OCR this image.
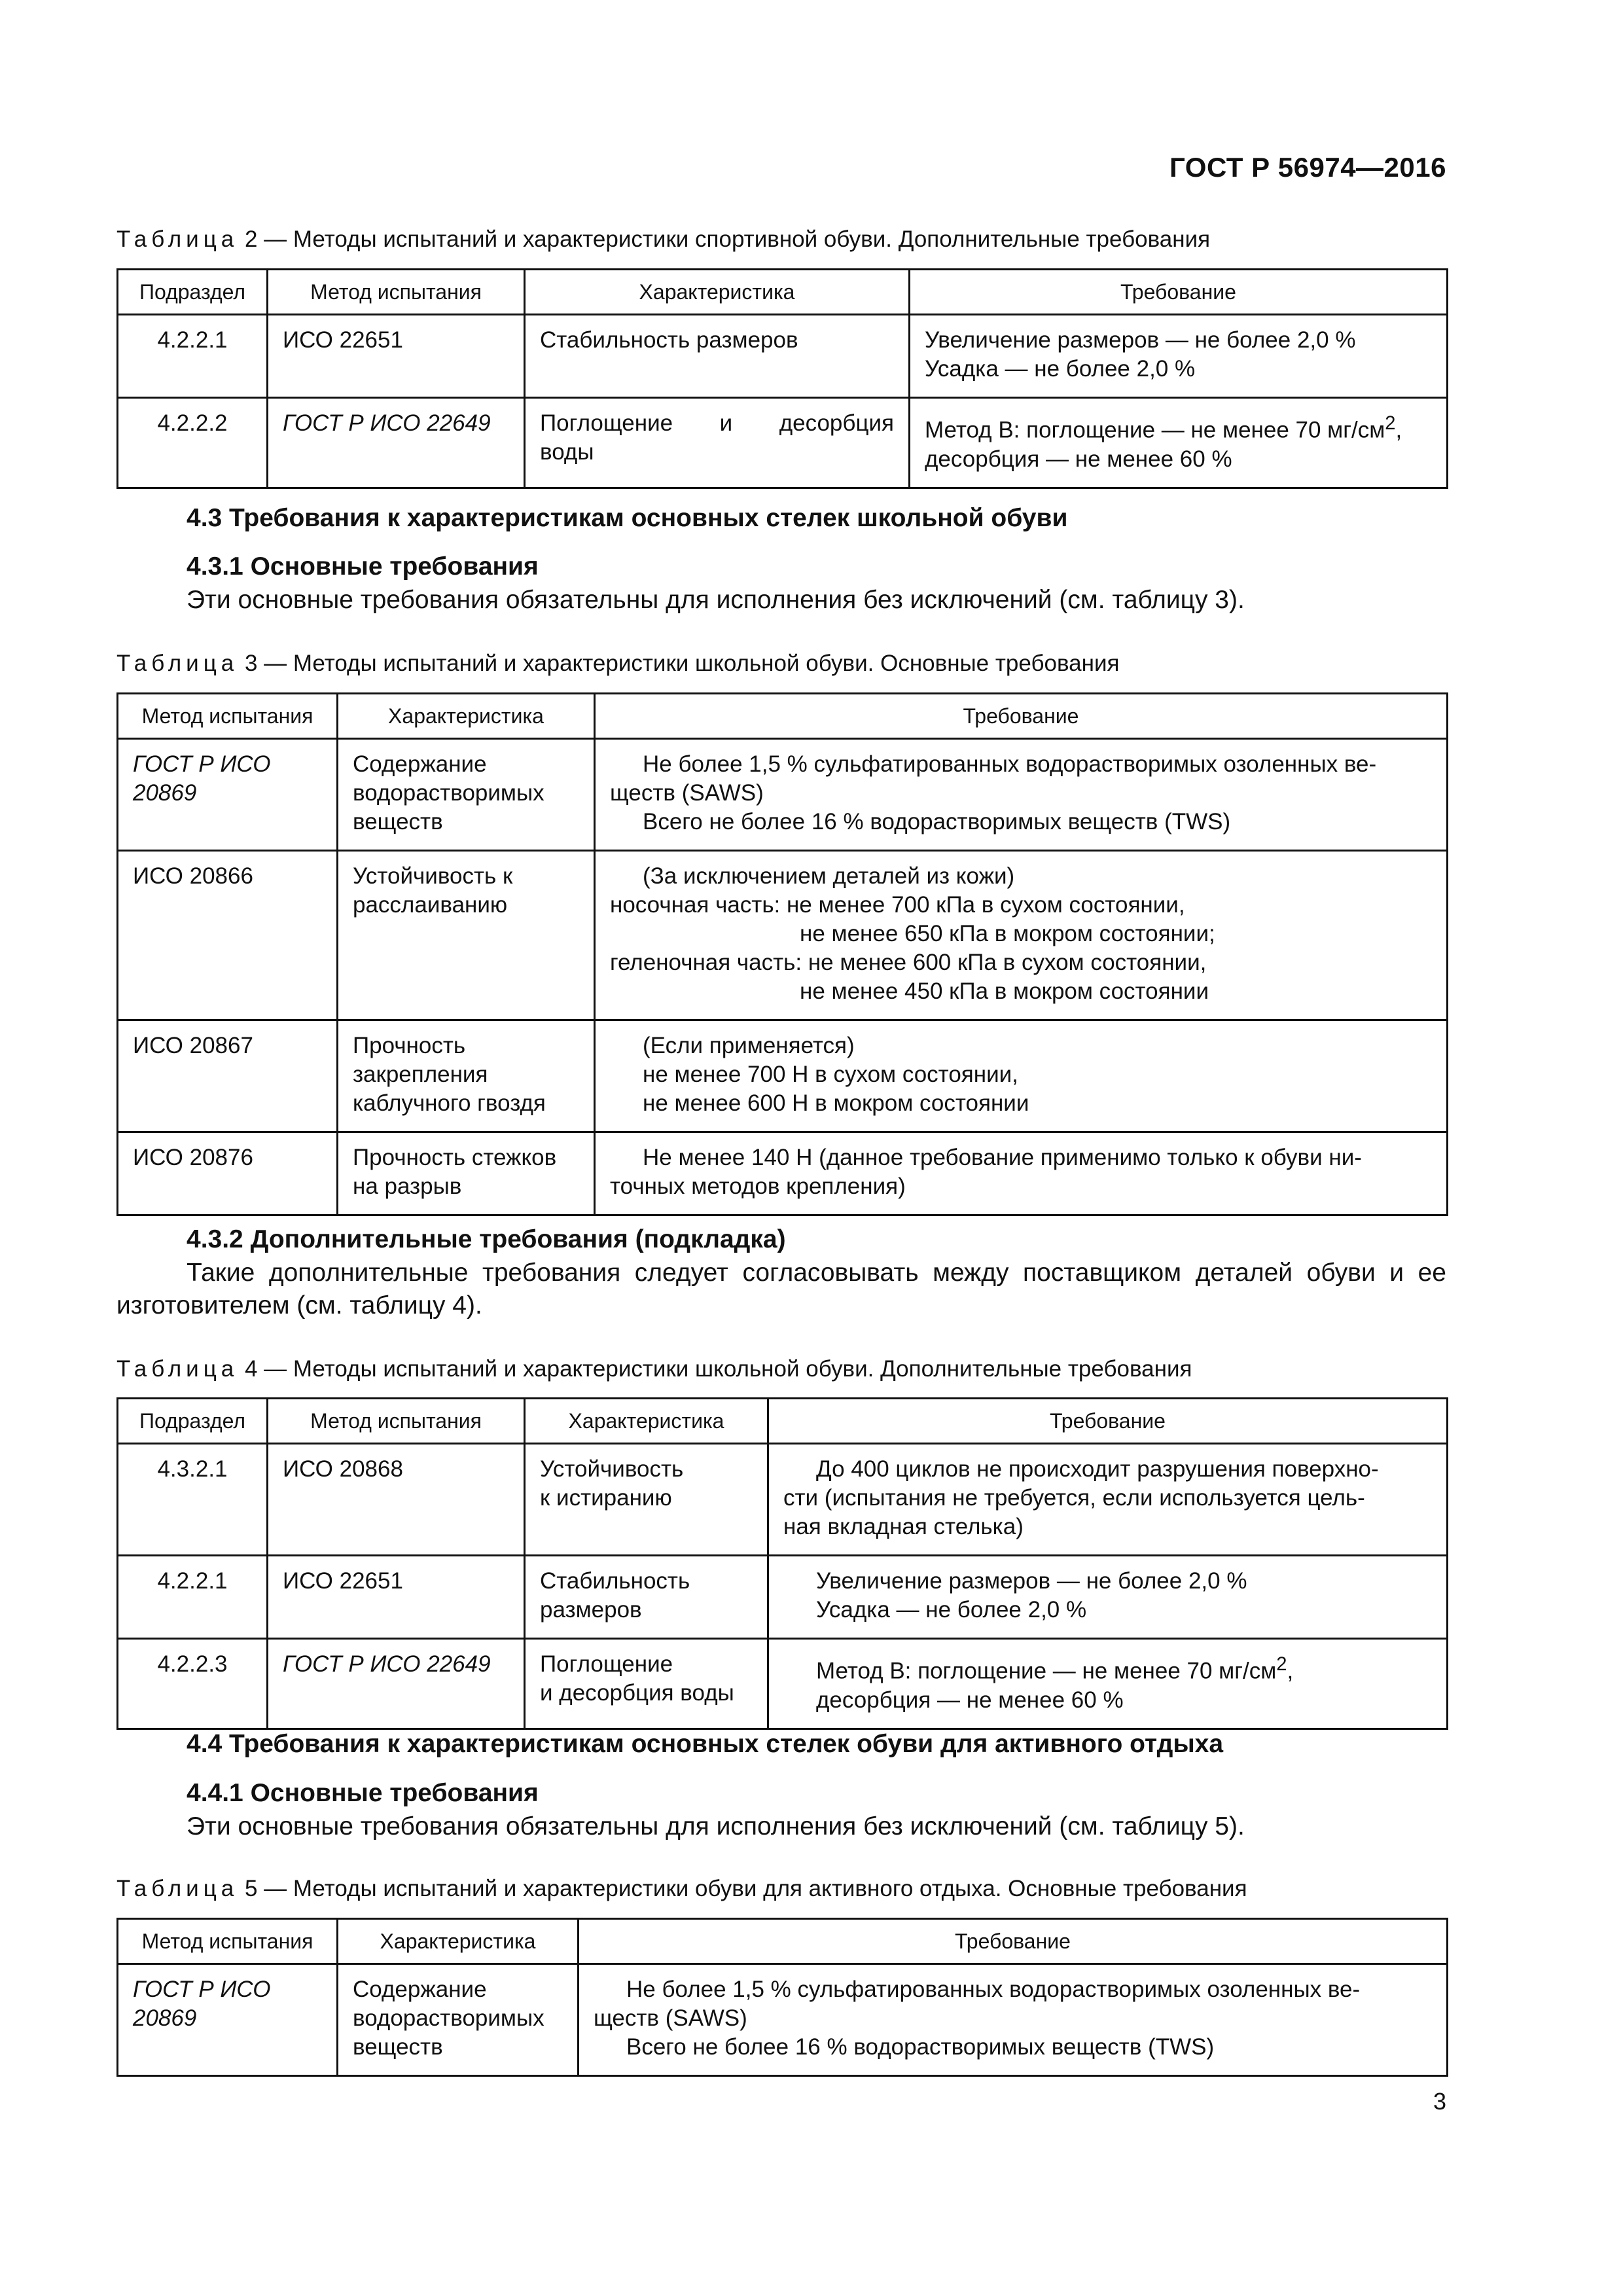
ГОСТ Р 56974—2016
Таблица 2 — Методы испытаний и характеристики спортивной обуви. Дополнительные требования
Подраздел	Метод испытания	Характеристика	Требование
4.2.2.1	ИСО 22651	Стабильность размеров	Увеличение размеров — не более 2,0 %
Усадка — не более 2,0 %

4.2.2.2	ГОСТ Р ИСО 22649	Поглощение и десорбция
воды	Метод В: поглощение — не менее 70 $мг/см^2$,
десорбция — не менее 60 %
4.3 Требования к характеристикам основных стелек школьной обуви
4.3.1 Основные требования
Эти основные требования обязательны для исполнения без исключений (см. таблицу 3).
Таблица 3 — Методы испытаний и характеристики школьной обуви. Основные требования
Метод испытания	Характеристика	Требование
ГОСТ Р ИСО 20869	Содержание водорастворимых веществ	Не более 1,5 % сульфатированных водорастворимых озоленных ве-
ществ (SAWS)
Всего не более 16 % водорастворимых веществ (TWS)

ИСО 20866	Устойчивость к расслаиванию	(За исключением деталей из кожи)
носочная часть: не менее 700 кПа в сухом состоянии,
не менее 650 кПа в мокром состоянии;
геленочная часть: не менее 600 кПа в сухом состоянии,
не менее 450 кПа в мокром состоянии

ИСО 20867	Прочность закрепления каблучного гвоздя	(Если применяется)
не менее 700 Н в сухом состоянии,
не менее 600 Н в мокром состоянии

ИСО 20876	Прочность стежков на разрыв	Не менее 140 Н (данное требование применимо только к обуви ни-
точных методов крепления)
4.3.2 Дополнительные требования (подкладка)
Такие дополнительные требования следует согласовывать между поставщиком деталей обуви и ее изготовителем (см. таблицу 4).
Таблица 4 — Методы испытаний и характеристики школьной обуви. Дополнительные требования
Подраздел	Метод испытания	Характеристика	Требование
4.3.2.1	ИСО 20868	Устойчивость
к истиранию	До 400 циклов не происходит разрушения поверхно-
сти (испытания не требуется, если используется цель-
ная вкладная стелька)

4.2.2.1	ИСО 22651	Стабильность
размеров	Увеличение размеров — не более 2,0 %
Усадка — не более 2,0 %

4.2.2.3	ГОСТ Р ИСО 22649	Поглощение
и десорбция воды	Метод В: поглощение — не менее 70 $мг/см^2$,
десорбция — не менее 60 %
4.4 Требования к характеристикам основных стелек обуви для активного отдыха
4.4.1 Основные требования
Эти основные требования обязательны для исполнения без исключений (см. таблицу 5).
Таблица 5 — Методы испытаний и характеристики обуви для активного отдыха. Основные требования
Метод испытания	Характеристика	Требование
ГОСТ Р ИСО 20869	Содержание водорастворимых веществ	Не более 1,5 % сульфатированных водорастворимых озоленных ве-
ществ (SAWS)
Всего не более 16 % водорастворимых веществ (TWS)
3
